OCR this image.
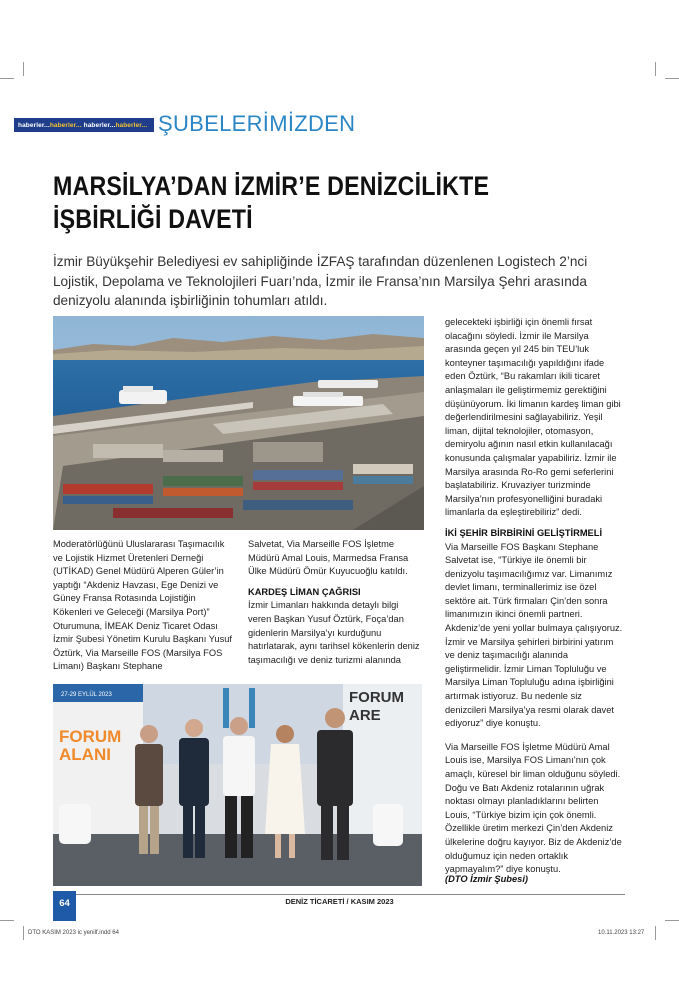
haberler... haberler... haberler... haberler... ŞUBELERİMİZDEN
MARSİLYA’DAN İZMİR’E DENİZCİLİKTE İŞBİRLİĞİ DAVETİ
İzmir Büyükşehir Belediyesi ev sahipliğinde İZFAŞ tarafından düzenlenen Logistech 2’nci Lojistik, Depolama ve Teknolojileri Fuarı’nda, İzmir ile Fransa’nın Marsilya Şehri arasında denizyolu alanında işbirliğinin tohumları atıldı.

Moderatörlüğünü Uluslararası Taşımacılık ve Lojistik Hizmet Üretenleri Derneği (UTİKAD) Genel Müdürü Alperen Güler’in yaptığı “Akdeniz Havzası, Ege Denizi ve Güney Fransa Rotasında Lojistiğin Kökenleri ve Geleceği (Marsilya Port)” Oturumuna, İMEAK Deniz Ticaret Odası İzmir Şubesi Yönetim Kurulu Başkanı Yusuf Öztürk, Via Marseille FOS (Marsilya FOS Limanı) Başkanı Stephane

Salvetat, Via Marseille FOS İşletme Müdürü Amal Louis, Marmedsa Fransa Ülke Müdürü Ömür Kuyucuoğlu katıldı.

KARDEŞ LİMAN ÇAĞRISI

İzmir Limanları hakkında detaylı bilgi veren Başkan Yusuf Öztürk, Foça’dan gidenlerin Marsilya’yı kurduğunu hatırlatarak, aynı tarihsel kökenlerin deniz taşımacılığı ve deniz turizmi alanında

gelecekteki işbirliği için önemli fırsat olacağını söyledi. İzmir ile Marsilya arasında geçen yıl 245 bin TEU’luk konteyner taşımacılığı yapıldığını ifade eden Öztürk, “Bu rakamları ikili ticaret anlaşmaları ile geliştirmemiz gerektiğini düşünüyorum. İki limanın kardeş liman gibi değerlendirilmesini sağlayabiliriz. Yeşil liman, dijital teknolojiler, otomasyon, demiryolu ağının nasıl etkin kullanılacağı konusunda çalışmalar yapabiliriz. İzmir ile Marsilya arasında Ro-Ro gemi seferlerini başlatabiliriz. Kruvaziyer turizminde Marsilya’nın profesyonelliğini buradaki limanlarla da eşleştirebiliriz” dedi.

İKİ ŞEHİR BİRBİRİNİ GELİŞTİRMELİ

Via Marseille FOS Başkanı Stephane Salvetat ise, “Türkiye ile önemli bir denizyolu taşımacılığımız var. Limanımız devlet limanı, terminallerimiz ise özel sektöre ait. Türk firmaları Çin’den sonra limanımızın ikinci önemli partneri. Akdeniz’de yeni yollar bulmaya çalışıyoruz. İzmir ve Marsilya şehirleri birbirini yatırım ve deniz taşımacılığı alanında geliştirmelidir. İzmir Liman Topluluğu ve Marsilya Liman Topluluğu adına işbirliğini artırmak istiyoruz. Bu nedenle siz denizcileri Marsilya’ya resmi olarak davet ediyoruz” diye konuştu.

Via Marseille FOS İşletme Müdürü Amal Louis ise, Marsilya FOS Limanı’nın çok amaçlı, küresel bir liman olduğunu söyledi. Doğu ve Batı Akdeniz rotalarının uğrak noktası olmayı planladıklarını belirten Louis, “Türkiye bizim için çok önemli. Özellikle üretim merkezi Çin’den Akdeniz ülkelerine doğru kayıyor. Biz de Akdeniz’de olduğumuz için neden ortaklık yapmayalım?” diye konuştu.

(DTO İzmir Şubesi)
27-29 EYLÜL 2023
FORUM
ALANI
FORUM
ARE
64	DENİZ TİCARETİ / KASIM 2023
DTO KASIM 2023 ic yenilf.indd 64	10.11.2023 13:27
